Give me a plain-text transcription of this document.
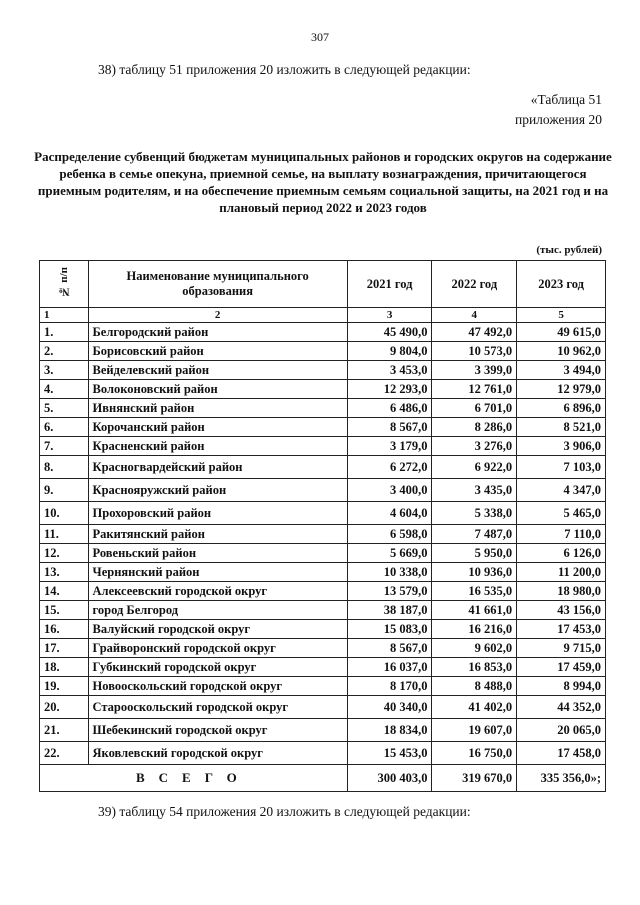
307
38) таблицу 51 приложения 20 изложить в следующей редакции:
«Таблица 51
приложения 20
Распределение субвенций бюджетам муниципальных районов и городских округов на содержание ребенка в семье опекуна, приемной семье, на выплату вознаграждения, причитающегося приемным родителям, и на обеспечение приемным семьям социальной защиты, на 2021 год и на плановый период 2022 и 2023 годов
(тыс. рублей)
№ п/п	Наименование муниципального образования	2021 год	2022 год	2023 год
1	2	3	4	5
1.	Белгородский район	45 490,0	47 492,0	49 615,0
2.	Борисовский район	9 804,0	10 573,0	10 962,0
3.	Вейделевский район	3 453,0	3 399,0	3 494,0
4.	Волоконовский район	12 293,0	12 761,0	12 979,0
5.	Ивнянский район	6 486,0	6 701,0	6 896,0
6.	Корочанский район	8 567,0	8 286,0	8 521,0
7.	Красненский район	3 179,0	3 276,0	3 906,0
8.	Красногвардейский район	6 272,0	6 922,0	7 103,0
9.	Краснояружский район	3 400,0	3 435,0	4 347,0
10.	Прохоровский район	4 604,0	5 338,0	5 465,0
11.	Ракитянский район	6 598,0	7 487,0	7 110,0
12.	Ровеньский район	5 669,0	5 950,0	6 126,0
13.	Чернянский район	10 338,0	10 936,0	11 200,0
14.	Алексеевский городской округ	13 579,0	16 535,0	18 980,0
15.	город Белгород	38 187,0	41 661,0	43 156,0
16.	Валуйский городской округ	15 083,0	16 216,0	17 453,0
17.	Грайворонский городской округ	8 567,0	9 602,0	9 715,0
18.	Губкинский городской округ	16 037,0	16 853,0	17 459,0
19.	Новооскольский городской округ	8 170,0	8 488,0	8 994,0
20.	Старооскольский городской округ	40 340,0	41 402,0	44 352,0
21.	Шебекинский городской округ	18 834,0	19 607,0	20 065,0
22.	Яковлевский городской округ	15 453,0	16 750,0	17 458,0
ВСЕГО		300 403,0	319 670,0	335 356,0»;
39) таблицу 54 приложения 20 изложить в следующей редакции:
